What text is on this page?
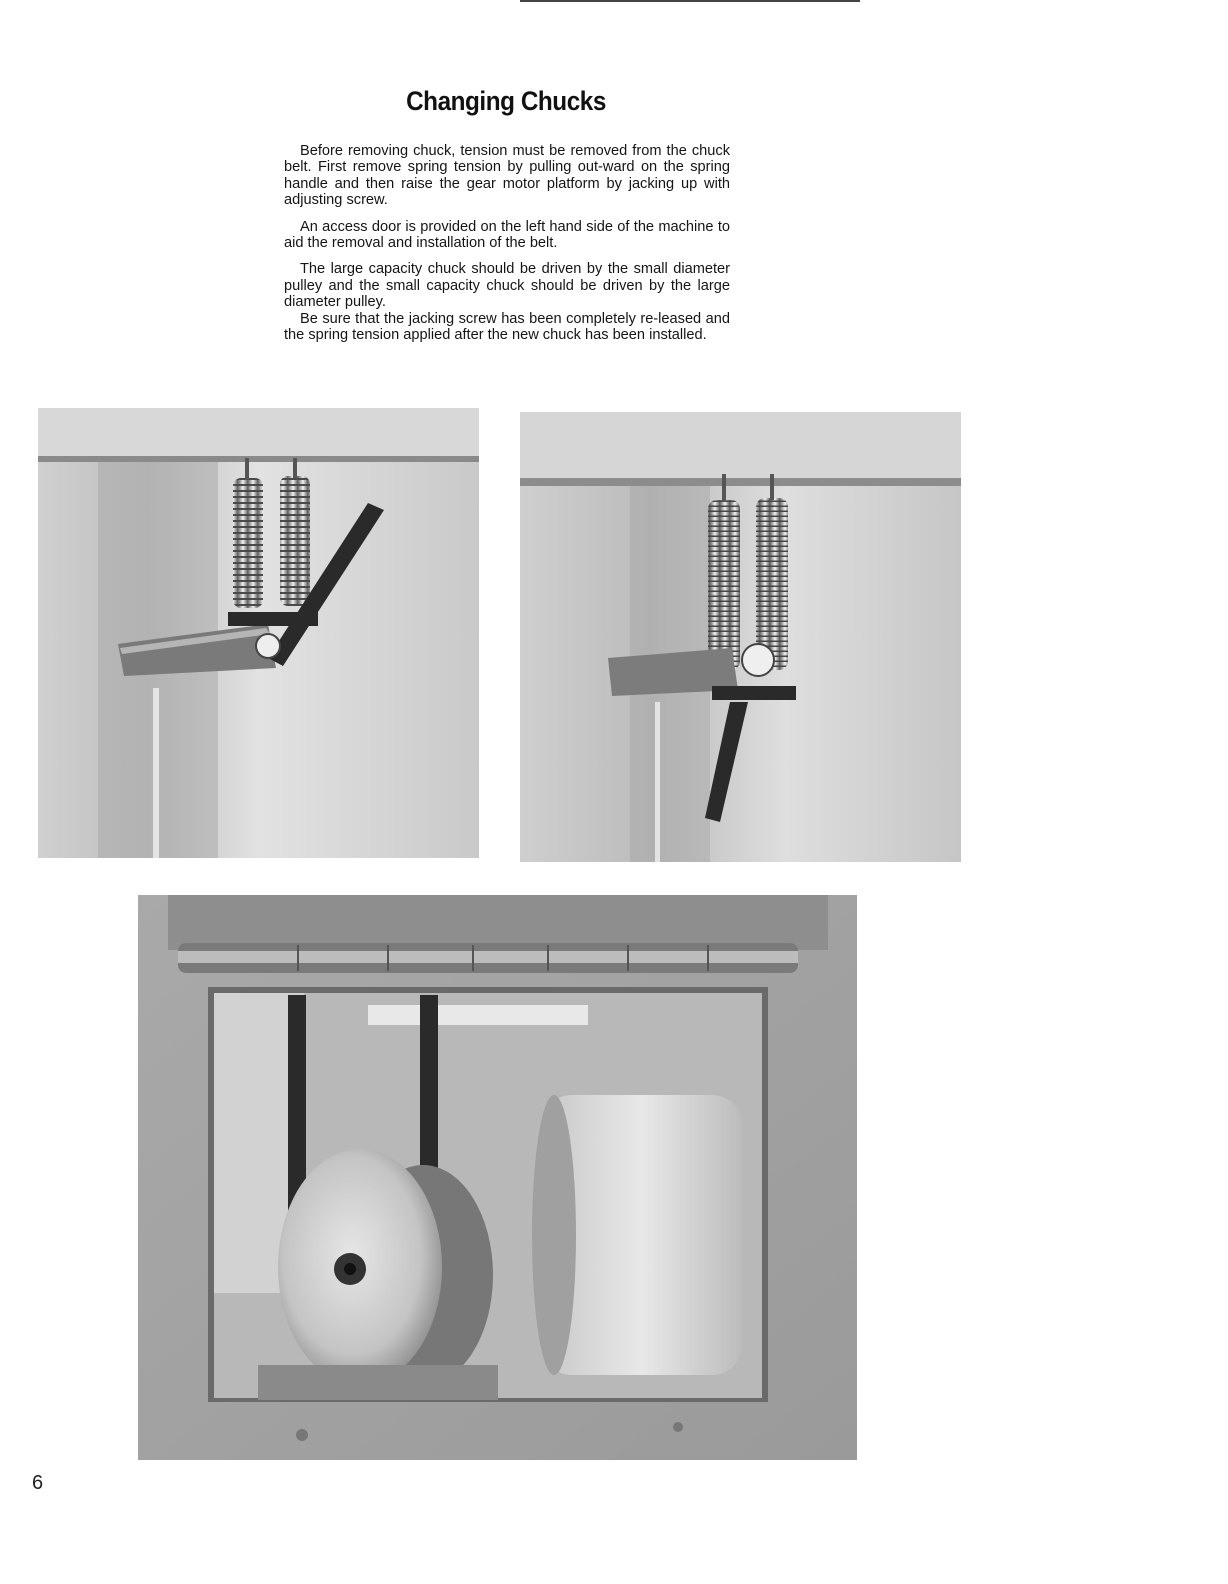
Changing Chucks

Before removing chuck, tension must be removed from the chuck belt. First remove spring tension by pulling out-ward on the spring handle and then raise the gear motor platform by jacking up with adjusting screw.

An access door is provided on the left hand side of the machine to aid the removal and installation of the belt.

The large capacity chuck should be driven by the small diameter pulley and the small capacity chuck should be driven by the large diameter pulley.

Be sure that the jacking screw has been completely re-leased and the spring tension applied after the new chuck has been installed.

6
